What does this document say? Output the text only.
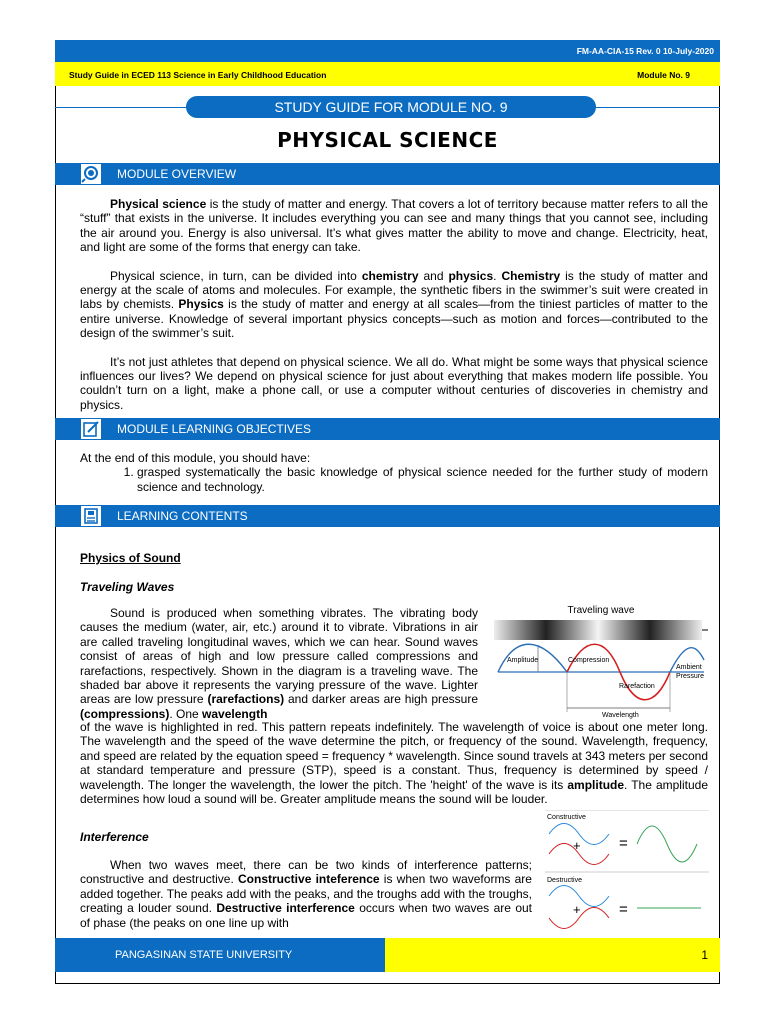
FM-AA-CIA-15 Rev. 0 10-July-2020
Study Guide in ECED 113 Science in Early Childhood Education	Module No. 9
STUDY GUIDE FOR MODULE NO. 9
PHYSICAL SCIENCE
MODULE OVERVIEW

Physical science is the study of matter and energy. That covers a lot of territory because matter refers to all the “stuff” that exists in the universe. It includes everything you can see and many things that you cannot see, including the air around you. Energy is also universal. It’s what gives matter the ability to move and change. Electricity, heat, and light are some of the forms that energy can take.

Physical science, in turn, can be divided into chemistry and physics. Chemistry is the study of matter and energy at the scale of atoms and molecules. For example, the synthetic fibers in the swimmer’s suit were created in labs by chemists. Physics is the study of matter and energy at all scales—from the tiniest particles of matter to the entire universe. Knowledge of several important physics concepts—such as motion and forces—contributed to the design of the swimmer’s suit.

It’s not just athletes that depend on physical science. We all do. What might be some ways that physical science influences our lives? We depend on physical science for just about everything that makes modern life possible. You couldn’t turn on a light, make a phone call, or use a computer without centuries of discoveries in chemistry and physics.

MODULE LEARNING OBJECTIVES

At the end of this module, you should have:

1. grasped systematically the basic knowledge of physical science needed for the further study of modern science and technology.
LEARNING CONTENTS
Physics of Sound
Traveling Waves

Sound is produced when something vibrates. The vibrating body causes the medium (water, air, etc.) around it to vibrate. Vibrations in air are called traveling longitudinal waves, which we can hear. Sound waves consist of areas of high and low pressure called compressions and rarefactions, respectively. Shown in the diagram is a traveling wave. The shaded bar above it represents the varying pressure of the wave. Lighter areas are low pressure (rarefactions) and darker areas are high pressure (compressions). One wavelength

of the wave is highlighted in red. This pattern repeats indefinitely. The wavelength of voice is about one meter long. The wavelength and the speed of the wave determine the pitch, or frequency of the sound. Wavelength, frequency, and speed are related by the equation speed = frequency * wavelength. Since sound travels at 343 meters per second at standard temperature and pressure (STP), speed is a constant. Thus, frequency is determined by speed / wavelength. The longer the wavelength, the lower the pitch. The 'height' of the wave is its amplitude. The amplitude determines how loud a sound will be. Greater amplitude means the sound will be louder.

Traveling wave
Amplitude	Compression
Rarefaction
Ambient
Pressure
Wavelength
Interference

When two waves meet, there can be two kinds of interference patterns; constructive and destructive. Constructive inteference is when two waveforms are added together. The peaks add with the peaks, and the troughs add with the troughs, creating a louder sound. Destructive interference occurs when two waves are out of phase (the peaks on one line up with

Constructive
+	=
Destructive
+	=
PANGASINAN STATE UNIVERSITY	1
